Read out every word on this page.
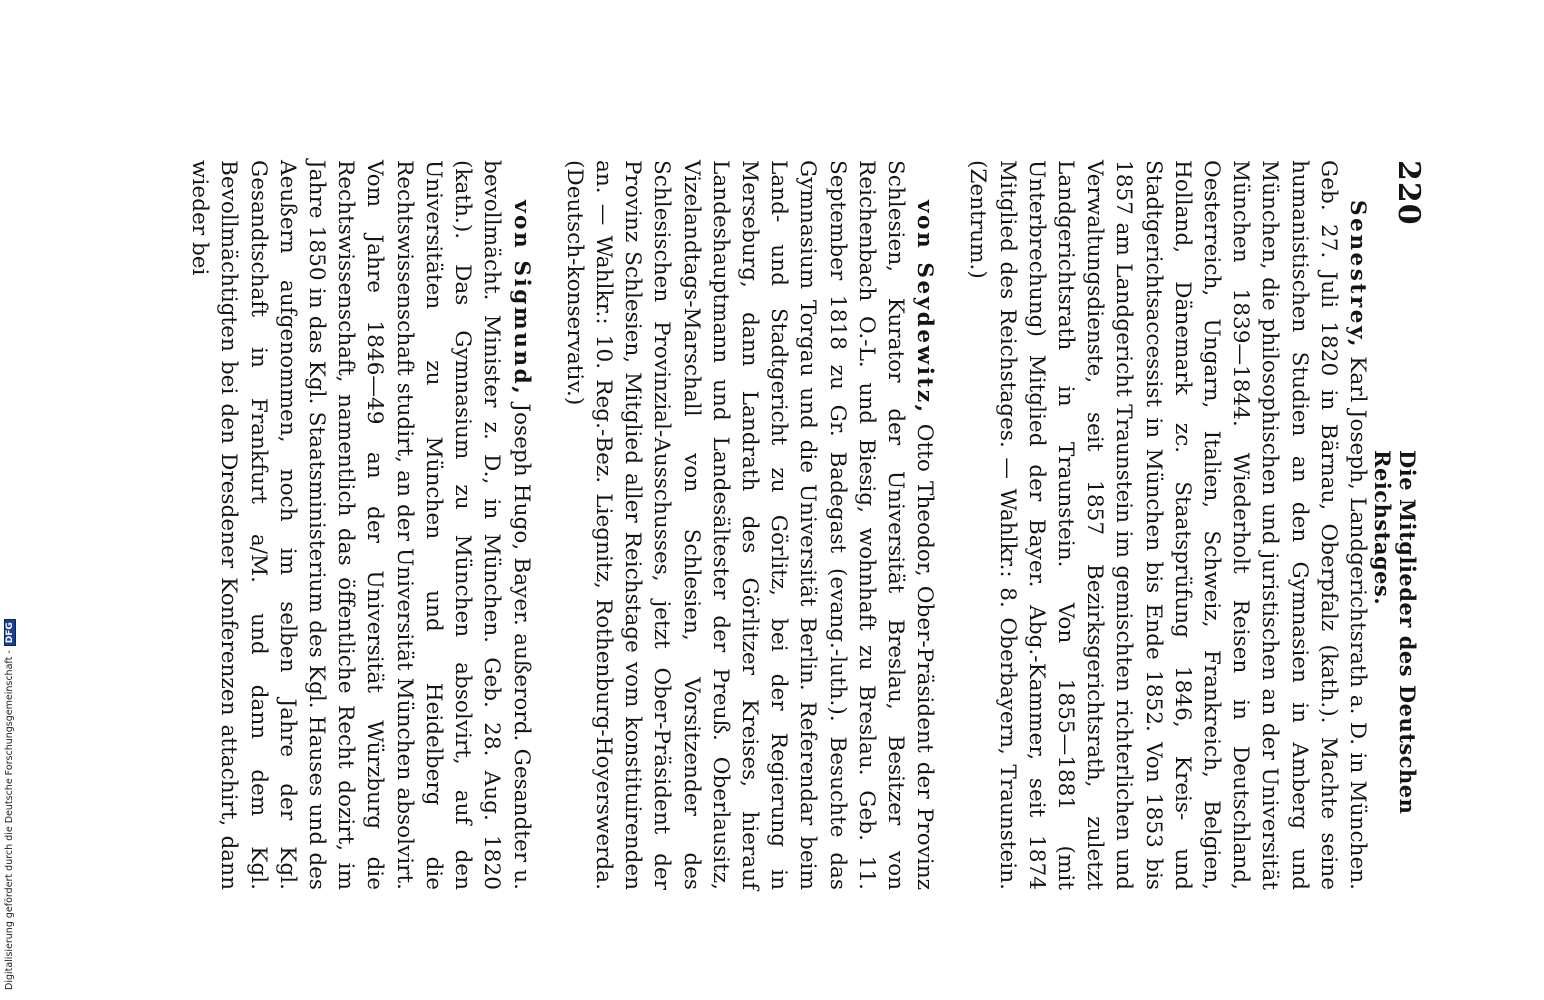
220
Die Mitglieder des Deutschen Reichstages.

Senestrey, Karl Joseph, Landgerichtsrath a. D. in München. Geb. 27. Juli 1820 in Bärnau, Oberpfalz (kath.). Machte seine humanistischen Studien an den Gymnasien in Amberg und München, die philosophischen und juristischen an der Universität München 1839—1844. Wiederholt Reisen in Deutschland, Oesterreich, Ungarn, Italien, Schweiz, Frankreich, Belgien, Holland, Dänemark zc. Staatsprüfung 1846, Kreis- und Stadtgerichtsaccessist in München bis Ende 1852. Von 1853 bis 1857 am Landgericht Traunstein im gemischten richterlichen und Verwaltungsdienste, seit 1857 Bezirksgerichtsrath, zuletzt Landgerichtsrath in Traunstein. Von 1855—1881 (mit Unterbrechung) Mitglied der Bayer. Abg.-Kammer, seit 1874 Mitglied des Reichstages. — Wahlkr.: 8. Oberbayern, Traunstein. (Zentrum.)

von Seydewitz, Otto Theodor, Ober-Präsident der Provinz Schlesien, Kurator der Universität Breslau, Besitzer von Reichenbach O.-L. und Biesig, wohnhaft zu Breslau. Geb. 11. September 1818 zu Gr. Badegast (evang.-luth.). Besuchte das Gymnasium Torgau und die Universität Berlin. Referendar beim Land- und Stadtgericht zu Görlitz, bei der Regierung in Merseburg, dann Landrath des Görlitzer Kreises, hierauf Landeshauptmann und Landesältester der Preuß. Oberlausitz, Vizelandtags-Marschall von Schlesien, Vorsitzender des Schlesischen Provinzial-Ausschusses, jetzt Ober-Präsident der Provinz Schlesien, Mitglied aller Reichstage vom konstituirenden an. — Wahlkr.: 10. Reg.-Bez. Liegnitz, Rothenburg-Hoyerswerda. (Deutsch-konservativ.)

von Sigmund, Joseph Hugo, Bayer. außerord. Gesandter u. bevollmächt. Minister z. D., in München. Geb. 28. Aug. 1820 (kath.). Das Gymnasium zu München absolvirt, auf den Universitäten zu München und Heidelberg die Rechtswissenschaft studirt, an der Universität München absolvirt. Vom Jahre 1846—49 an der Universität Würzburg die Rechtswissenschaft, namentlich das öffentliche Recht dozirt, im Jahre 1850 in das Kgl. Staatsministerium des Kgl. Hauses und des Aeußern aufgenommen, noch im selben Jahre der Kgl. Gesandtschaft in Frankfurt a/M. und dann dem Kgl. Bevollmächtigten bei den Dresdener Konferenzen attachirt, dann wieder bei

Digitalisierung gefördert durch die Deutsche Forschungsgemeinschaft -DFG
